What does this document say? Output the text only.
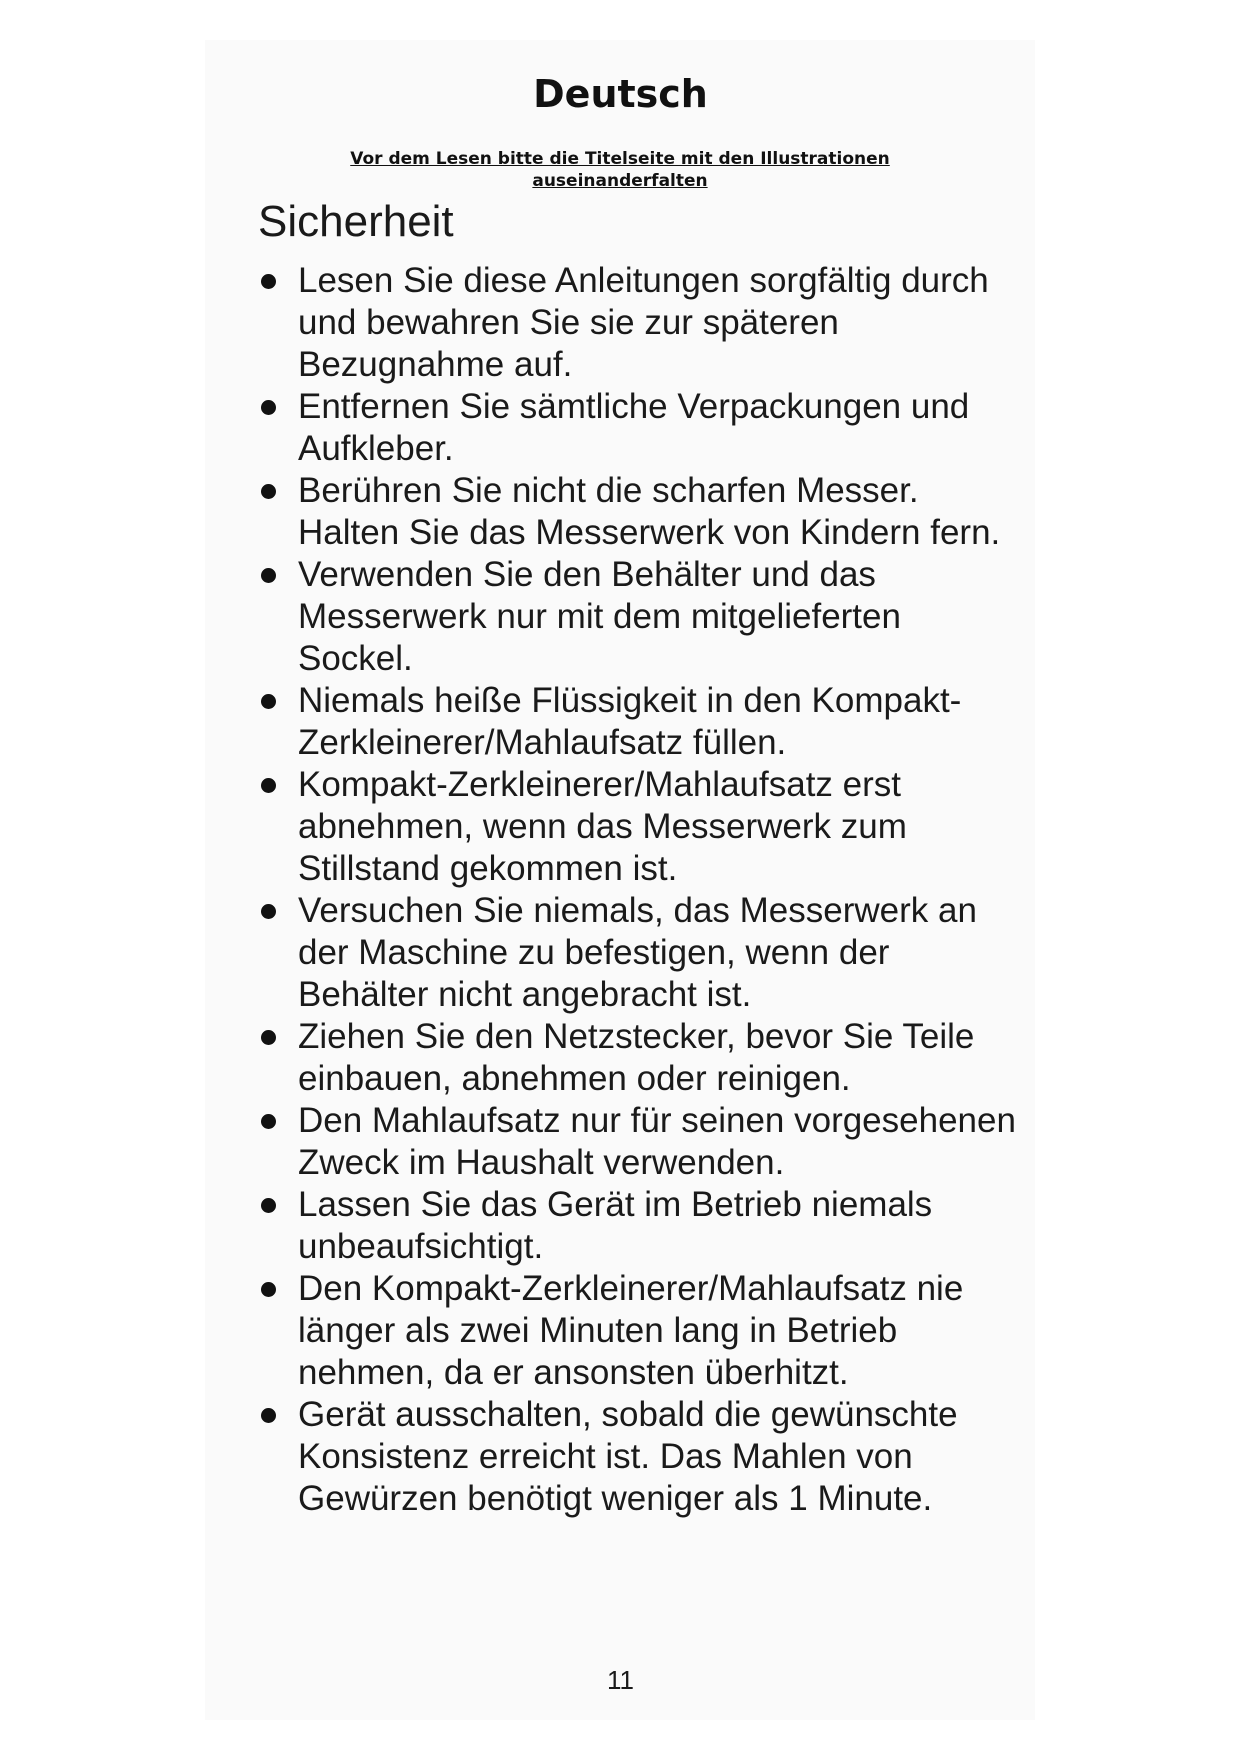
Deutsch
Vor dem Lesen bitte die Titelseite mit den Illustrationen auseinanderfalten
Sicherheit
Lesen Sie diese Anleitungen sorgfältig durch und bewahren Sie sie zur späteren Bezugnahme auf.
Entfernen Sie sämtliche Verpackungen und Aufkleber.
Berühren Sie nicht die scharfen Messer. Halten Sie das Messerwerk von Kindern fern.
Verwenden Sie den Behälter und das Messerwerk nur mit dem mitgelieferten Sockel.
Niemals heiße Flüssigkeit in den Kompakt-Zerkleinerer/Mahlaufsatz füllen.
Kompakt-Zerkleinerer/Mahlaufsatz erst abnehmen, wenn das Messerwerk zum Stillstand gekommen ist.
Versuchen Sie niemals, das Messerwerk an der Maschine zu befestigen, wenn der Behälter nicht angebracht ist.
Ziehen Sie den Netzstecker, bevor Sie Teile einbauen, abnehmen oder reinigen.
Den Mahlaufsatz nur für seinen vorgesehenen Zweck im Haushalt verwenden.
Lassen Sie das Gerät im Betrieb niemals unbeaufsichtigt.
Den Kompakt-Zerkleinerer/Mahlaufsatz nie länger als zwei Minuten lang in Betrieb nehmen, da er ansonsten überhitzt.
Gerät ausschalten, sobald die gewünschte Konsistenz erreicht ist. Das Mahlen von Gewürzen benötigt weniger als 1 Minute.
11
